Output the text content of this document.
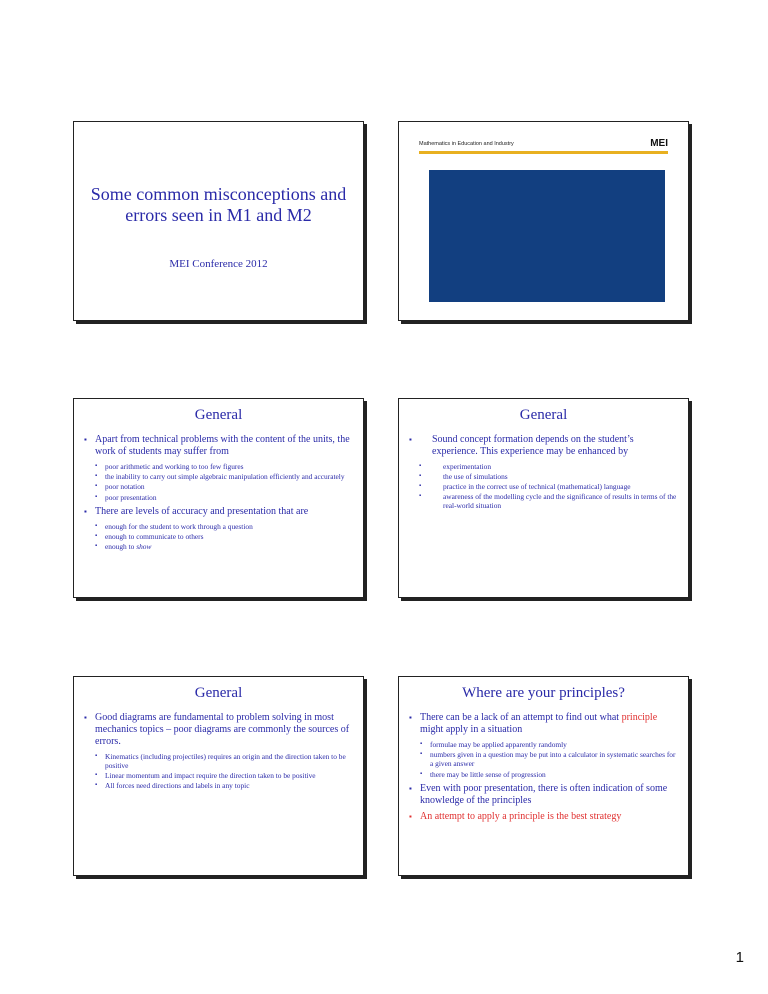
Some common misconceptions and errors seen in M1 and M2
MEI Conference 2012
Mathematics in Education and Industry	MEI
General
▪ Apart from technical problems with the content of the units, the work of students may suffer from
▪ poor arithmetic and working to too few figures
▪ the inability to carry out simple algebraic manipulation efficiently and accurately
▪ poor notation
▪ poor presentation
▪ There are levels of accuracy and presentation that are
▪ enough for the student to work through a question
▪ enough to communicate to others
▪ enough to show
General
▪ Sound concept formation depends on the student’s experience. This experience may be enhanced by
▪ experimentation
▪ the use of simulations
▪ practice in the correct use of technical (mathematical) language
▪ awareness of the modelling cycle and the significance of results in terms of the real-world situation
General
▪ Good diagrams are fundamental to problem solving in most mechanics topics – poor diagrams are commonly the sources of errors.
▪ Kinematics (including projectiles) requires an origin and the direction taken to be positive
▪ Linear momentum and impact require the direction taken to be positive
▪ All forces need directions and labels in any topic
Where are your principles?
▪ There can be a lack of an attempt to find out what principle might apply in a situation
▪ formulae may be applied apparently randomly
▪ numbers given in a question may be put into a calculator in systematic searches for a given answer
▪ there may be little sense of progression
▪ Even with poor presentation, there is often indication of some knowledge of the principles
▪ An attempt to apply a principle is the best strategy
1
